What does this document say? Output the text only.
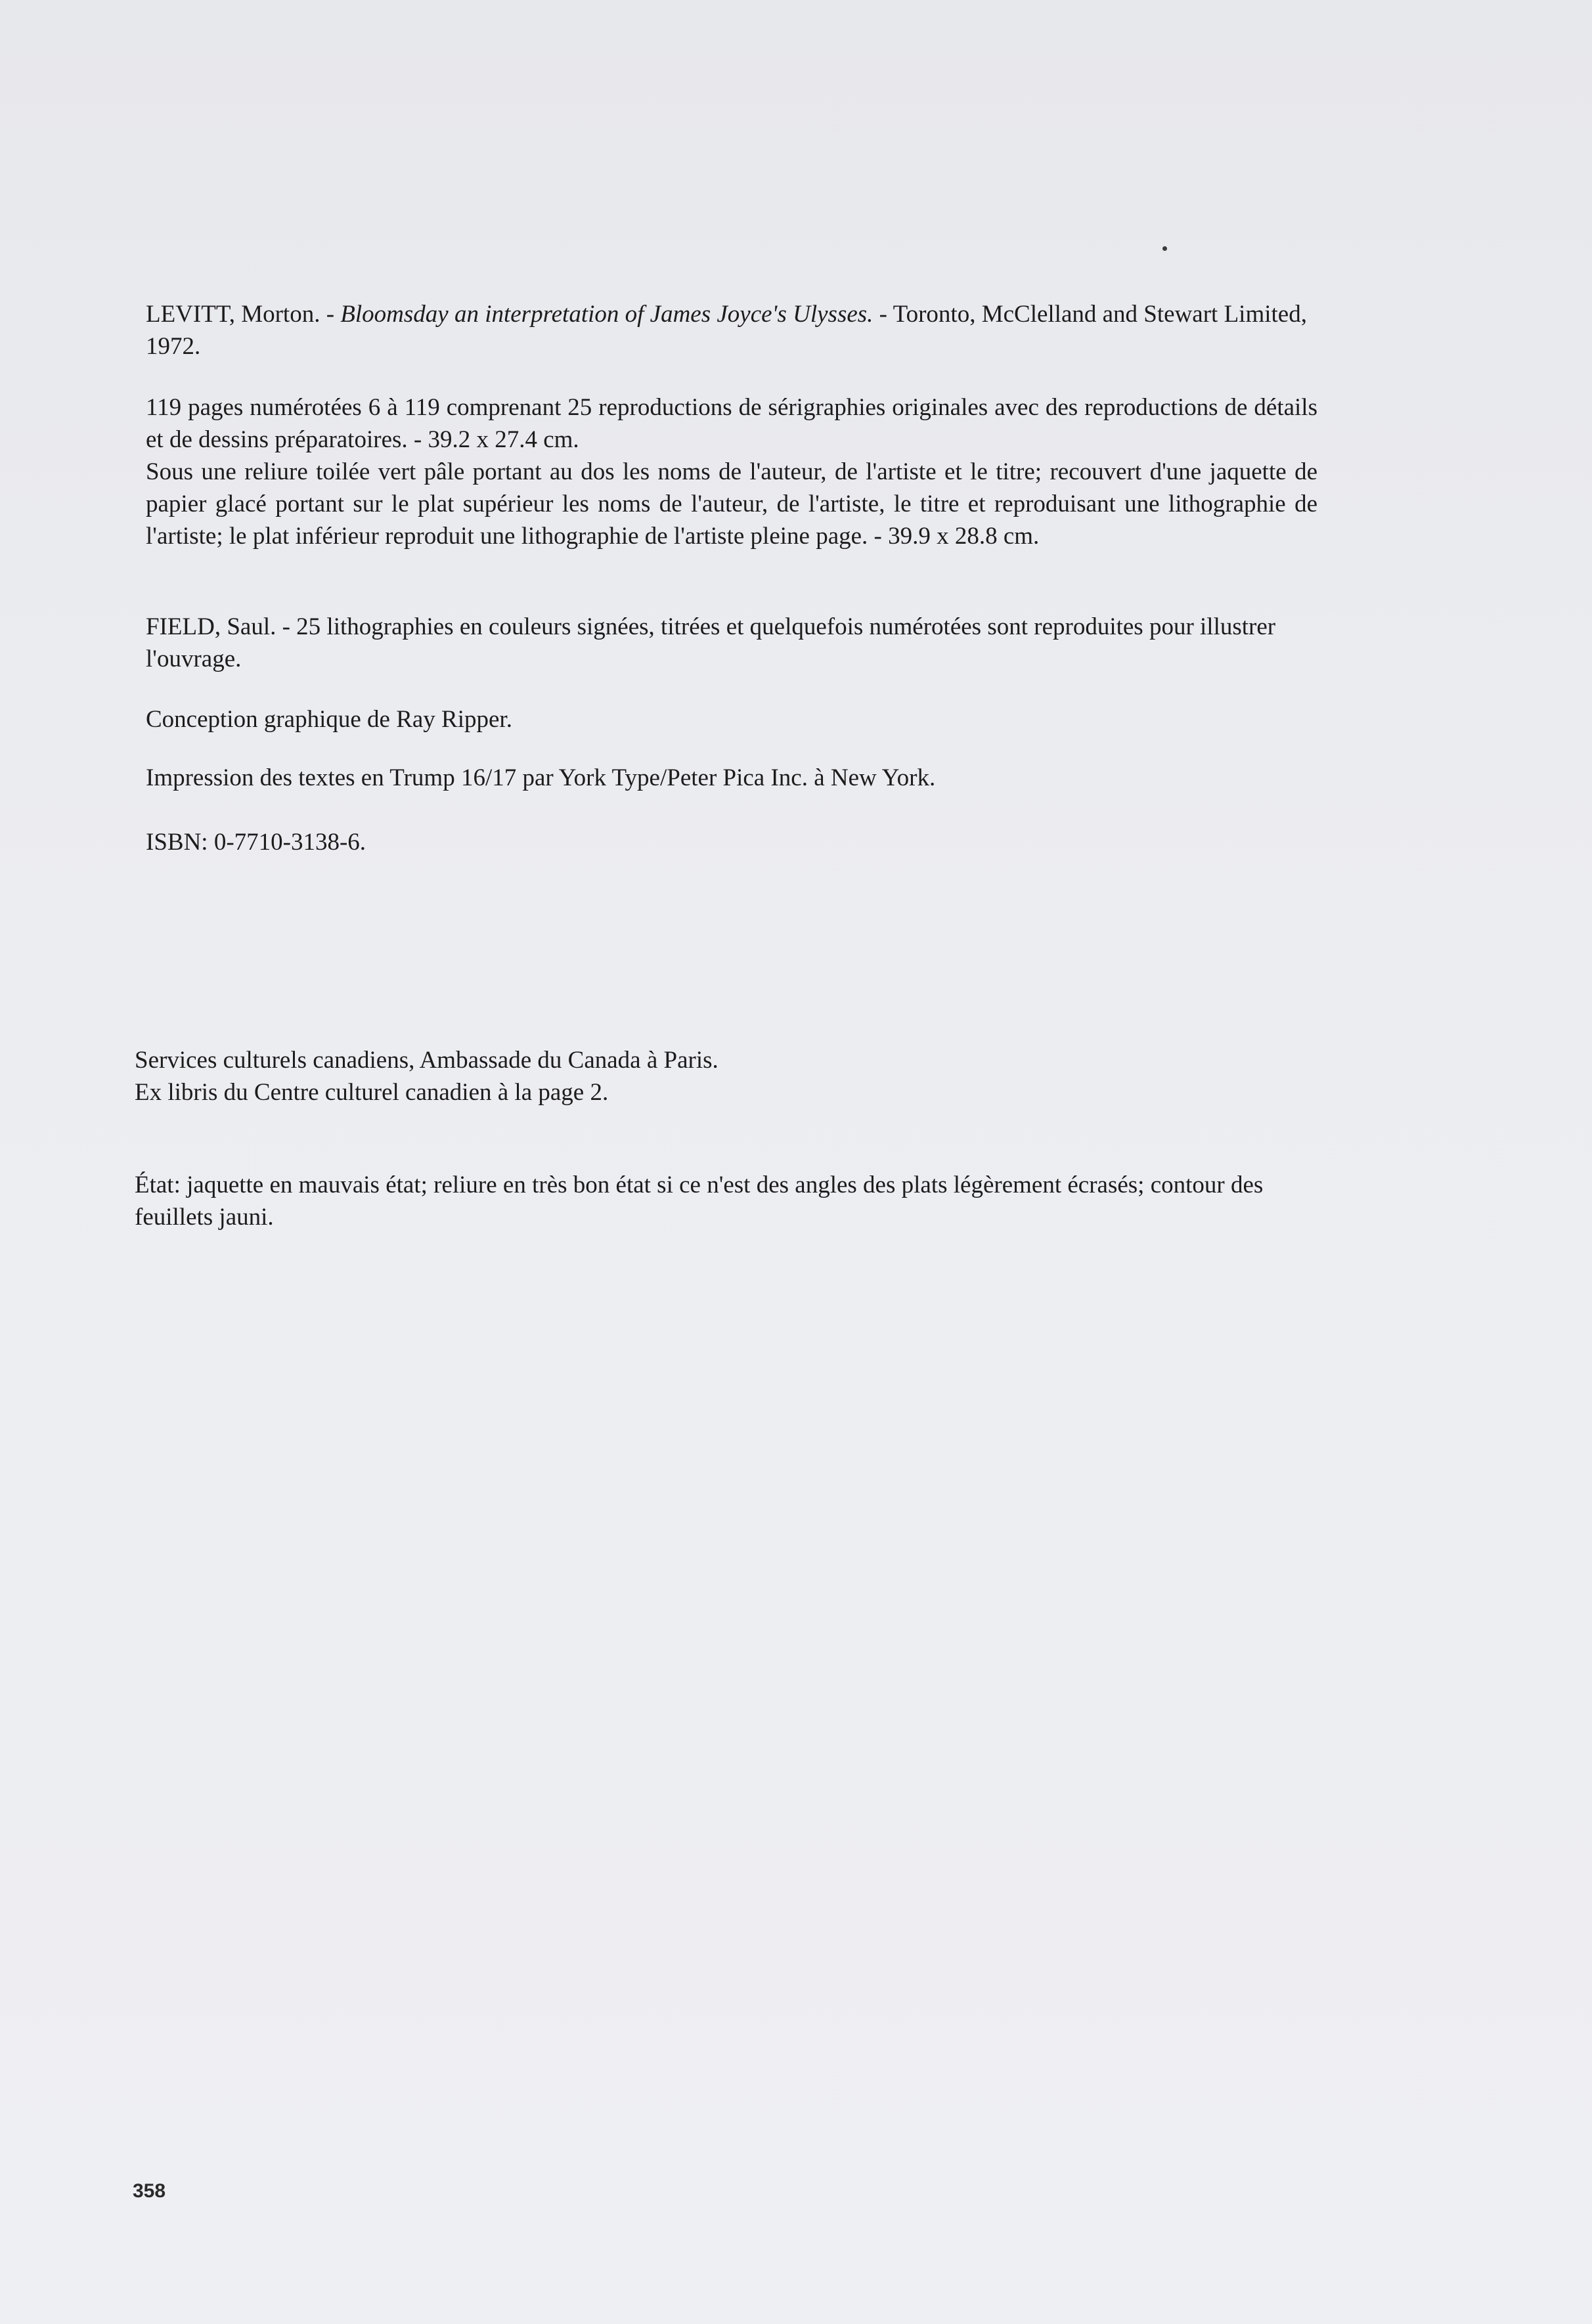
LEVITT, Morton. - Bloomsday an interpretation of James Joyce's Ulysses. - Toronto, McClelland and Stewart Limited, 1972.

119 pages numérotées 6 à 119 comprenant 25 reproductions de sérigraphies originales avec des reproductions de détails et de dessins préparatoires. - 39.2 x 27.4 cm.

Sous une reliure toilée vert pâle portant au dos les noms de l'auteur, de l'artiste et le titre; recouvert d'une jaquette de papier glacé portant sur le plat supérieur les noms de l'auteur, de l'artiste, le titre et reproduisant une lithographie de l'artiste; le plat inférieur reproduit une lithographie de l'artiste pleine page. - 39.9 x 28.8 cm.

FIELD, Saul. - 25 lithographies en couleurs signées, titrées et quelquefois numérotées sont reproduites pour illustrer l'ouvrage.

Conception graphique de Ray Ripper.

Impression des textes en Trump 16/17 par York Type/Peter Pica Inc. à New York.

ISBN: 0-7710-3138-6.

Services culturels canadiens, Ambassade du Canada à Paris.
Ex libris du Centre culturel canadien à la page 2.

État: jaquette en mauvais état; reliure en très bon état si ce n'est des angles des plats légèrement écrasés; contour des feuillets jauni.

358
